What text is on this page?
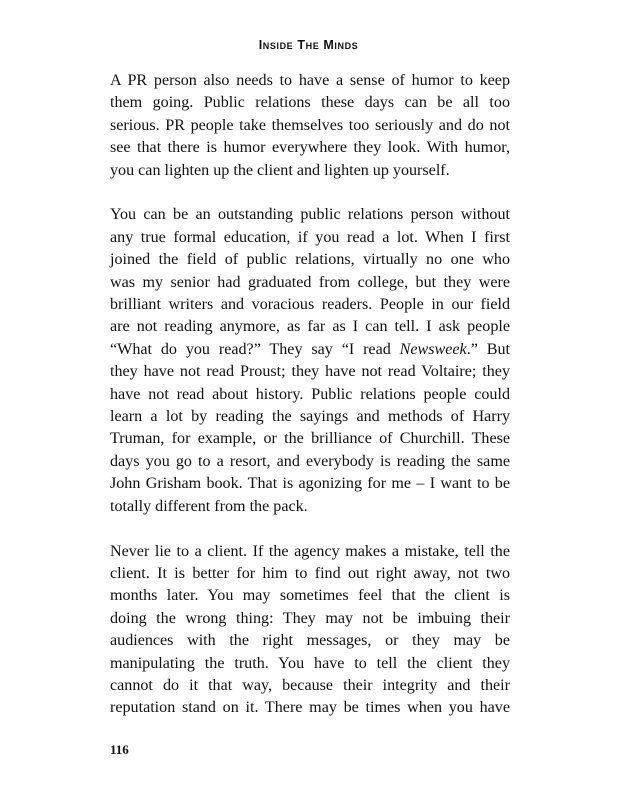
Inside The Minds

A PR person also needs to have a sense of humor to keep
them going. Public relations these days can be all too
serious. PR people take themselves too seriously and do not
see that there is humor everywhere they look. With humor,
you can lighten up the client and lighten up yourself.

You can be an outstanding public relations person without
any true formal education, if you read a lot. When I first
joined the field of public relations, virtually no one who
was my senior had graduated from college, but they were
brilliant writers and voracious readers. People in our field
are not reading anymore, as far as I can tell. I ask people
“What do you read?” They say “I read Newsweek.” But
they have not read Proust; they have not read Voltaire; they
have not read about history. Public relations people could
learn a lot by reading the sayings and methods of Harry
Truman, for example, or the brilliance of Churchill. These
days you go to a resort, and everybody is reading the same
John Grisham book. That is agonizing for me – I want to be
totally different from the pack.

Never lie to a client. If the agency makes a mistake, tell the
client. It is better for him to find out right away, not two
months later. You may sometimes feel that the client is
doing the wrong thing: They may not be imbuing their
audiences with the right messages, or they may be
manipulating the truth. You have to tell the client they
cannot do it that way, because their integrity and their
reputation stand on it. There may be times when you have

116
